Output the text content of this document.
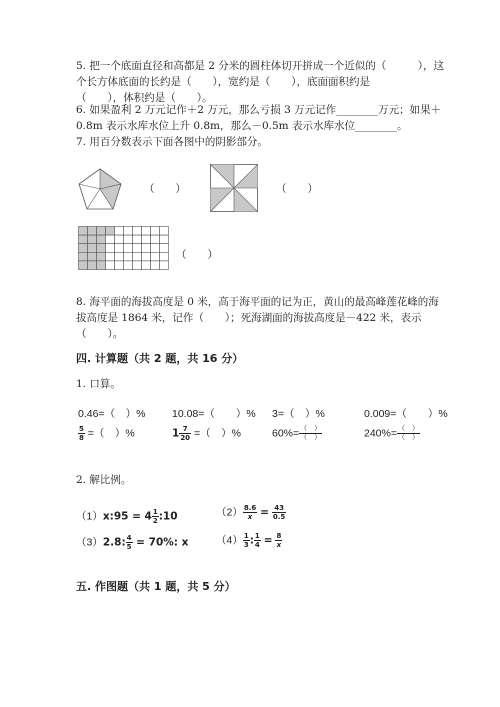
5. 把一个底面直径和高都是 2 分米的圆柱体切开拼成一个近似的（　　　），这
个长方体底面的长约是（　　），宽约是（　　），底面面积约是
（　　），体积约是（　　）。
6. 如果盈利 2 万元记作＋2 万元，那么亏损 3 万元记作________万元；如果＋
0.8m 表示水库水位上升 0.8m，那么－0.5m 表示水库水位________。
7. 用百分数表示下面各图中的阴影部分。
（　　）	（　　）
（　　）
8. 海平面的海拔高度是 0 米，高于海平面的记为正，黄山的最高峰莲花峰的海
拔高度是 1864 米，记作（　　）；死海湖面的海拔高度是－422 米，表示
（　　）。
四. 计算题（共 2 题，共 16 分）
1. 口算。
0.46=（　）%	10.08=（　　）% 3=（　）%	0.009=（　　）%
$\frac{5}{8}$ =（　）%	$1 \frac{7}{20}$ =（　）%	$60\%= \frac{( )}{( )}$	$240\%= \frac{( )}{( )}$
2. 解比例。
（1）x:95 = $4 \frac{1}{2}$ :10	$(2) \frac{8.6}{x} = \frac{43}{0.5}$
（3）2.8: $\frac{4}{5} = 70\%$: x	$(4) \frac{1}{3}$ : $\frac{1}{4} = \frac{8}{x}$
五. 作图题（共 1 题，共 5 分）
